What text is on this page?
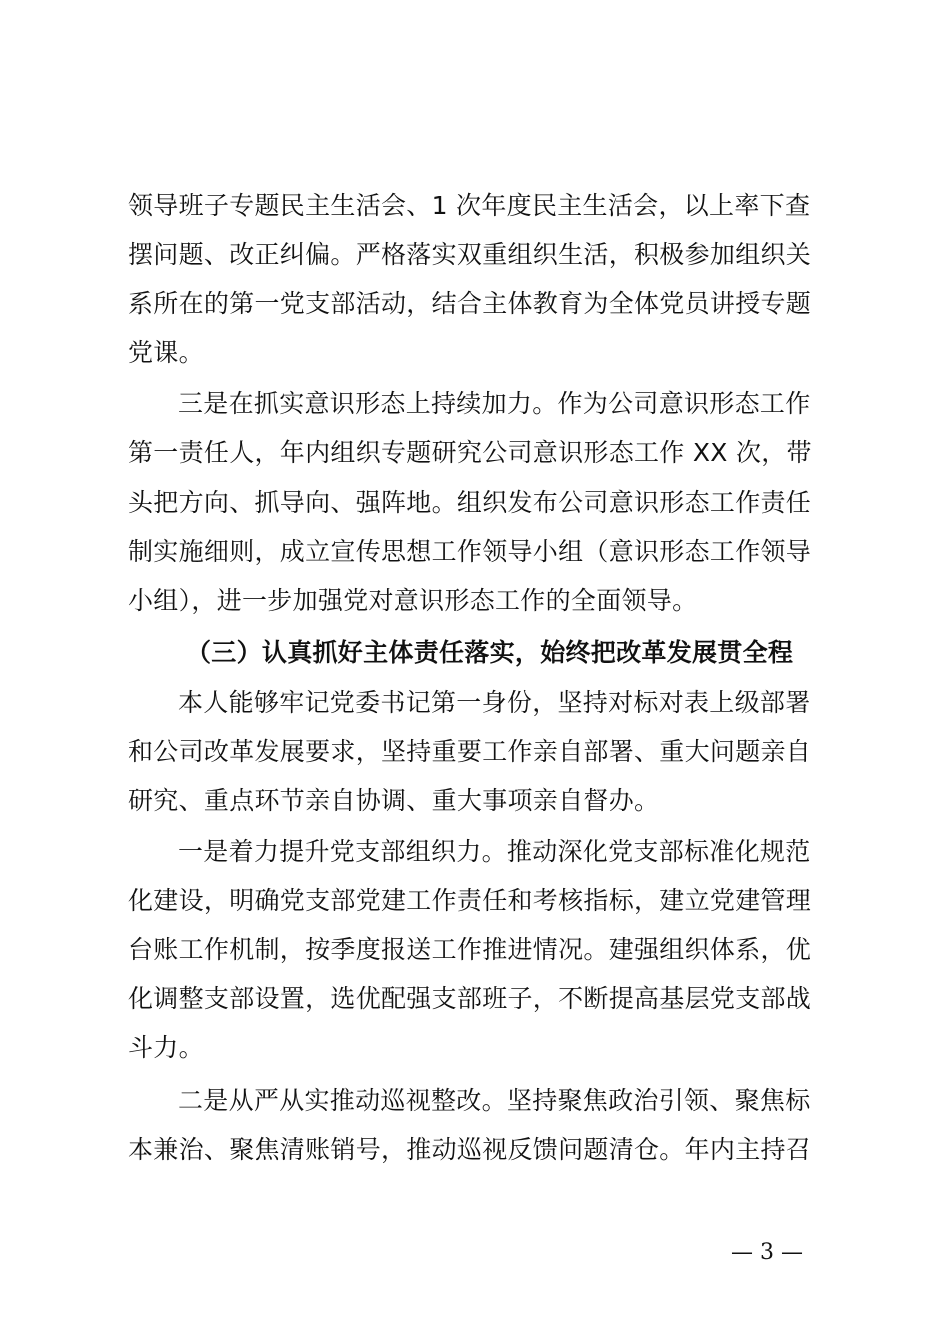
领导班子专题民主生活会、1 次年度民主生活会，以上率下查
摆问题、改正纠偏。严格落实双重组织生活，积极参加组织关
系所在的第一党支部活动，结合主体教育为全体党员讲授专题
党课。
三是在抓实意识形态上持续加力。作为公司意识形态工作
第一责任人，年内组织专题研究公司意识形态工作 XX 次，带
头把方向、抓导向、强阵地。组织发布公司意识形态工作责任
制实施细则，成立宣传思想工作领导小组（意识形态工作领导
小组），进一步加强党对意识形态工作的全面领导。
（三）认真抓好主体责任落实，始终把改革发展贯全程
本人能够牢记党委书记第一身份，坚持对标对表上级部署
和公司改革发展要求，坚持重要工作亲自部署、重大问题亲自
研究、重点环节亲自协调、重大事项亲自督办。
一是着力提升党支部组织力。推动深化党支部标准化规范
化建设，明确党支部党建工作责任和考核指标，建立党建管理
台账工作机制，按季度报送工作推进情况。建强组织体系，优
化调整支部设置，选优配强支部班子，不断提高基层党支部战
斗力。
二是从严从实推动巡视整改。坚持聚焦政治引领、聚焦标
本兼治、聚焦清账销号，推动巡视反馈问题清仓。年内主持召
— 3 —
